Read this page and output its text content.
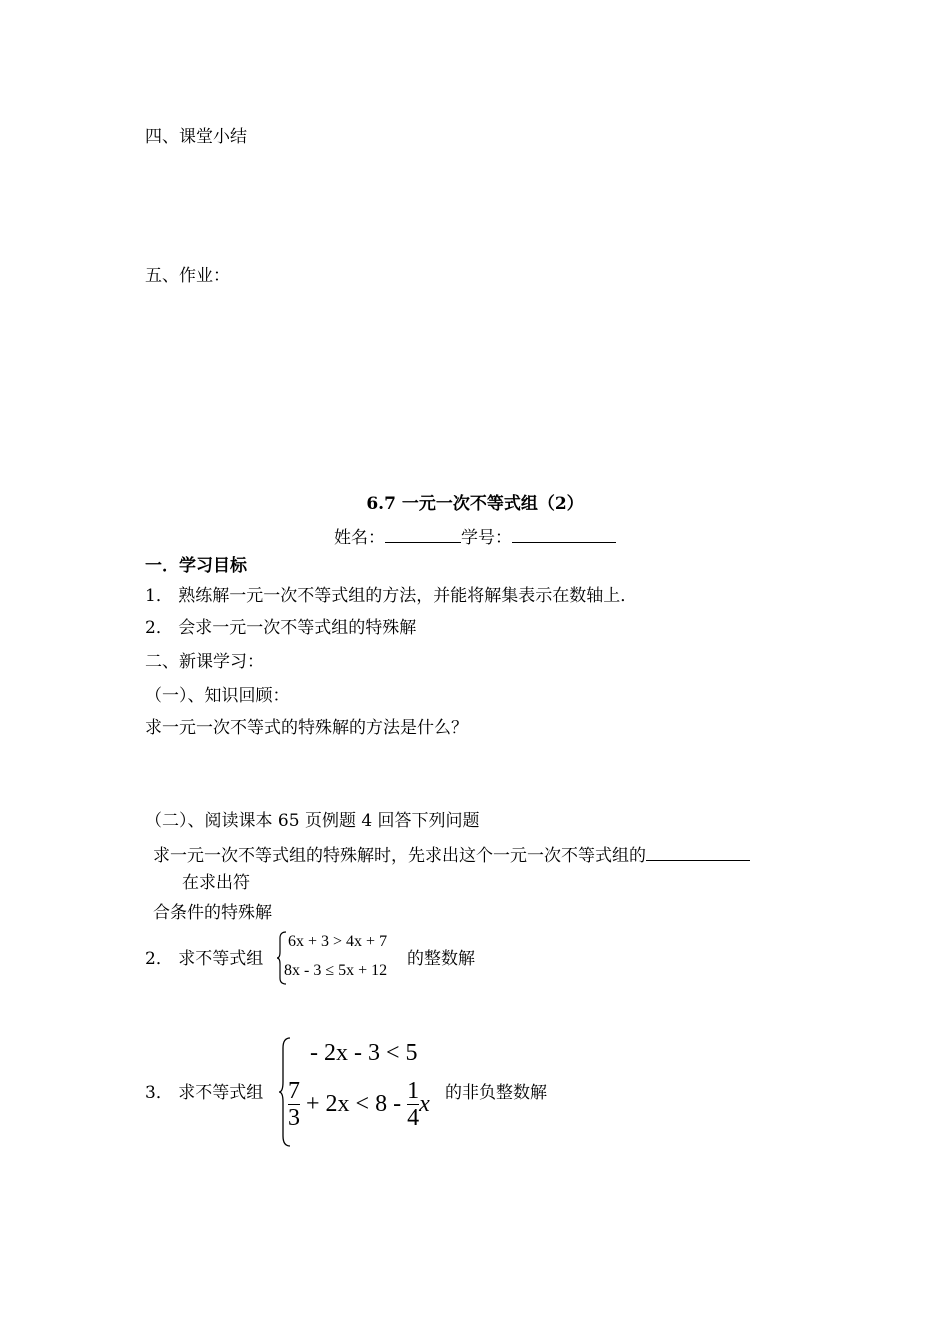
四、课堂小结
五、作业：
6.7 一元一次不等式组（2）
姓名：	学号：
一．学习目标
1． 熟练解一元一次不等式组的方法，并能将解集表示在数轴上．
2． 会求一元一次不等式组的特殊解
二、新课学习：
（一）、知识回顾：
求一元一次不等式的特殊解的方法是什么？
（二）、阅读课本 65 页例题 4 回答下列问题
求一元一次不等式组的特殊解时，先求出这个一元一次不等式组的
在求出符
合条件的特殊解
2． 求不等式组
6x + 3 > 4x + 7
8x - 3 ≤ 5x + 12
的整数解
3． 求不等式组
- 2x - 3 < 5
$\frac{7}{3} + 2x < 8 - \frac{1}{4}$ x 的非负整数解
